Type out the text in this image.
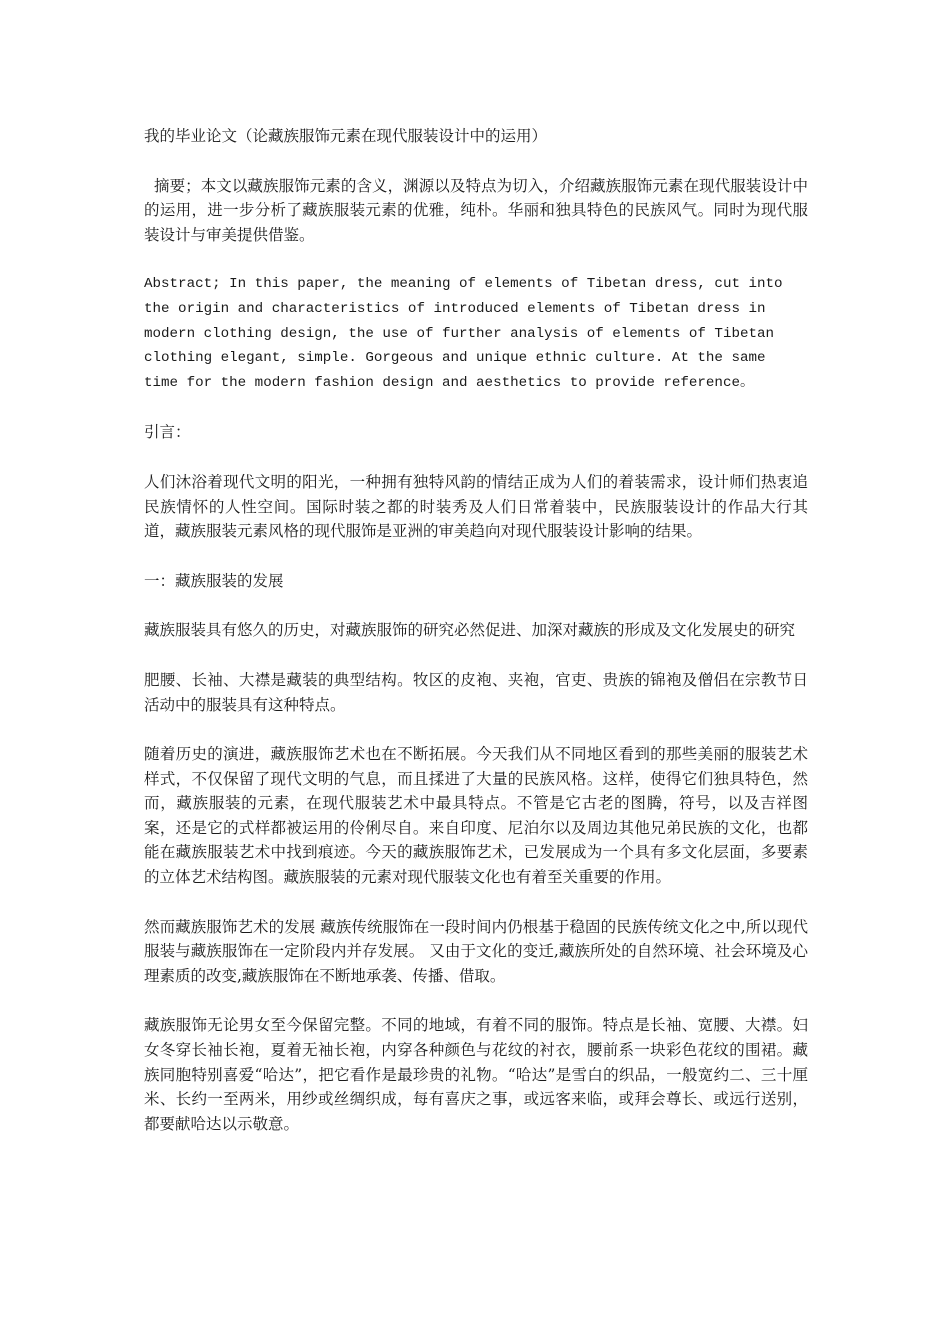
我的毕业论文（论藏族服饰元素在现代服装设计中的运用）

摘要；本文以藏族服饰元素的含义，渊源以及特点为切入，介绍藏族服饰元素在现代服装设计中的运用，进一步分析了藏族服装元素的优雅，纯朴。华丽和独具特色的民族风气。同时为现代服装设计与审美提供借鉴。

Abstract; In this paper, the meaning of elements of Tibetan dress, cut into the origin and characteristics of introduced elements of Tibetan dress in modern clothing design, the use of further analysis of elements of Tibetan clothing elegant, simple. Gorgeous and unique ethnic culture. At the same time for the modern fashion design and aesthetics to provide reference。

引言：

人们沐浴着现代文明的阳光，一种拥有独特风韵的情结正成为人们的着装需求，设计师们热衷追民族情怀的人性空间。国际时装之都的时装秀及人们日常着装中，民族服装设计的作品大行其道，藏族服装元素风格的现代服饰是亚洲的审美趋向对现代服装设计影响的结果。

一：藏族服装的发展

藏族服装具有悠久的历史，对藏族服饰的研究必然促进、加深对藏族的形成及文化发展史的研究

肥腰、长袖、大襟是藏装的典型结构。牧区的皮袍、夹袍，官吏、贵族的锦袍及僧侣在宗教节日活动中的服装具有这种特点。

随着历史的演进，藏族服饰艺术也在不断拓展。今天我们从不同地区看到的那些美丽的服装艺术样式，不仅保留了现代文明的气息，而且揉进了大量的民族风格。这样，使得它们独具特色，然而，藏族服装的元素，在现代服装艺术中最具特点。不管是它古老的图腾，符号，以及吉祥图案，还是它的式样都被运用的伶俐尽自。来自印度、尼泊尔以及周边其他兄弟民族的文化，也都能在藏族服装艺术中找到痕迹。今天的藏族服饰艺术，已发展成为一个具有多文化层面，多要素的立体艺术结构图。藏族服装的元素对现代服装文化也有着至关重要的作用。

然而藏族服饰艺术的发展 藏族传统服饰在一段时间内仍根基于稳固的民族传统文化之中,所以现代服装与藏族服饰在一定阶段内并存发展。 又由于文化的变迁,藏族所处的自然环境、社会环境及心理素质的改变,藏族服饰在不断地承袭、传播、借取。

藏族服饰无论男女至今保留完整。不同的地域，有着不同的服饰。特点是长袖、宽腰、大襟。妇女冬穿长袖长袍，夏着无袖长袍，内穿各种颜色与花纹的衬衣，腰前系一块彩色花纹的围裙。藏族同胞特别喜爱“哈达”，把它看作是最珍贵的礼物。“哈达”是雪白的织品，一般宽约二、三十厘米、长约一至两米，用纱或丝绸织成，每有喜庆之事，或远客来临，或拜会尊长、或远行送别，都要献哈达以示敬意。
